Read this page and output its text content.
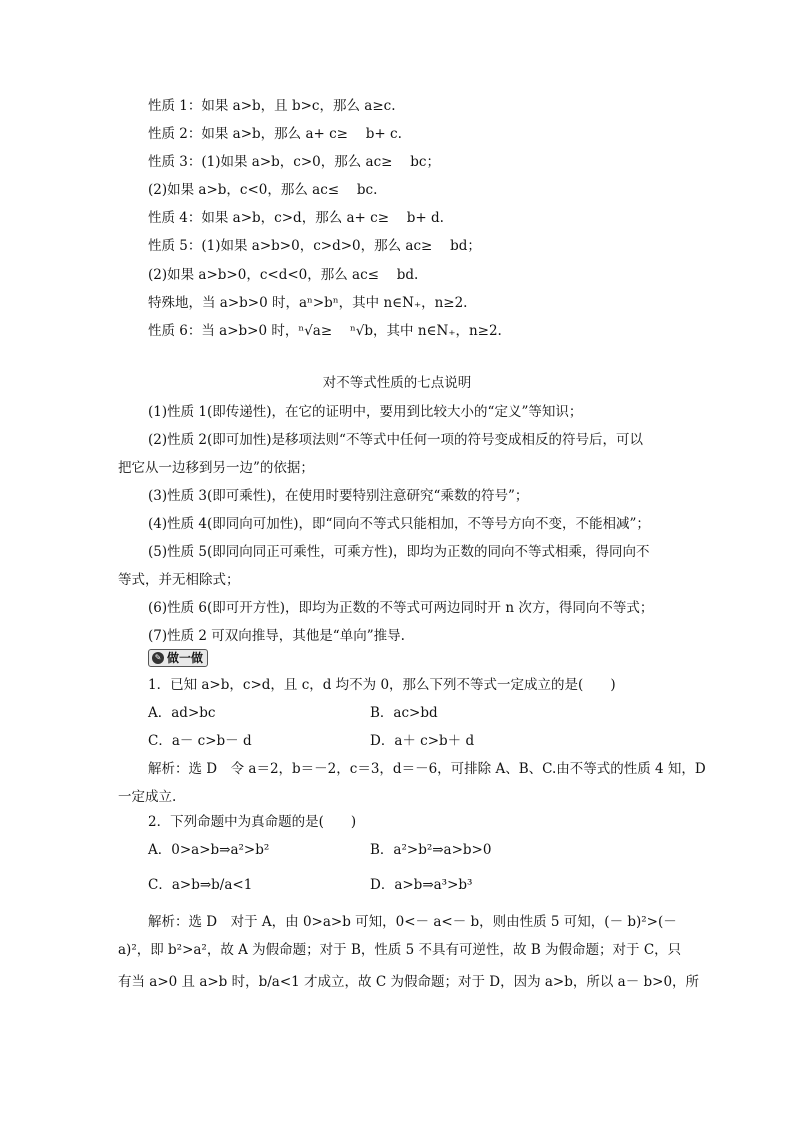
性质 1：如果 a>b，且 b>c，那么 a≥c.
性质 2：如果 a>b，那么 a+ c≥　 b+ c.
性质 3：(1)如果 a>b，c>0，那么 ac≥　 bc；
(2)如果 a>b，c<0，那么 ac≤　 bc.
性质 4：如果 a>b，c>d，那么 a+ c≥　 b+ d.
性质 5：(1)如果 a>b>0，c>d>0，那么 ac≥　 bd；
(2)如果 a>b>0，c<d<0，那么 ac≤　 bd.
特殊地，当 a>b>0 时，aⁿ>bⁿ，其中 n∈N₊，n≥2.
性质 6：当 a>b>0 时，ⁿ√a≥　 ⁿ√b，其中 n∈N₊，n≥2.
对不等式性质的七点说明
(1)性质 1(即传递性)，在它的证明中，要用到比较大小的“定义”等知识；
(2)性质 2(即可加性)是移项法则“不等式中任何一项的符号变成相反的符号后，可以
把它从一边移到另一边”的依据；
(3)性质 3(即可乘性)，在使用时要特别注意研究“乘数的符号”；
(4)性质 4(即同向可加性)，即“同向不等式只能相加，不等号方向不变，不能相减”；
(5)性质 5(即同向同正可乘性，可乘方性)，即均为正数的同向不等式相乘，得同向不
等式，并无相除式；
(6)性质 6(即可开方性)，即均为正数的不等式可两边同时开 n 次方，得同向不等式；
(7)性质 2 可双向推导，其他是“单向”推导.
✎ 做一做
1．已知 a>b，c>d，且 c，d 均不为 0，那么下列不等式一定成立的是(　　)
A．ad>bc	B．ac>bd
C．a－ c>b－ d	D．a＋ c>b＋ d
解析：选 D　令 a＝2，b＝－2，c＝3，d＝－6，可排除 A、B、C.由不等式的性质 4 知，D
一定成立.
2．下列命题中为真命题的是(　　)
A．0>a>b⇒a²>b²	B．a²>b²⇒a>b>0
C．a>b⇒b/a<1	D．a>b⇒a³>b³
解析：选 D　对于 A，由 0>a>b 可知，0<－ a<－ b，则由性质 5 可知，(－ b)²>(－
a)²，即 b²>a²，故 A 为假命题；对于 B，性质 5 不具有可逆性，故 B 为假命题；对于 C，只
有当 a>0 且 a>b 时，b/a<1 才成立，故 C 为假命题；对于 D，因为 a>b，所以 a－ b>0，所
